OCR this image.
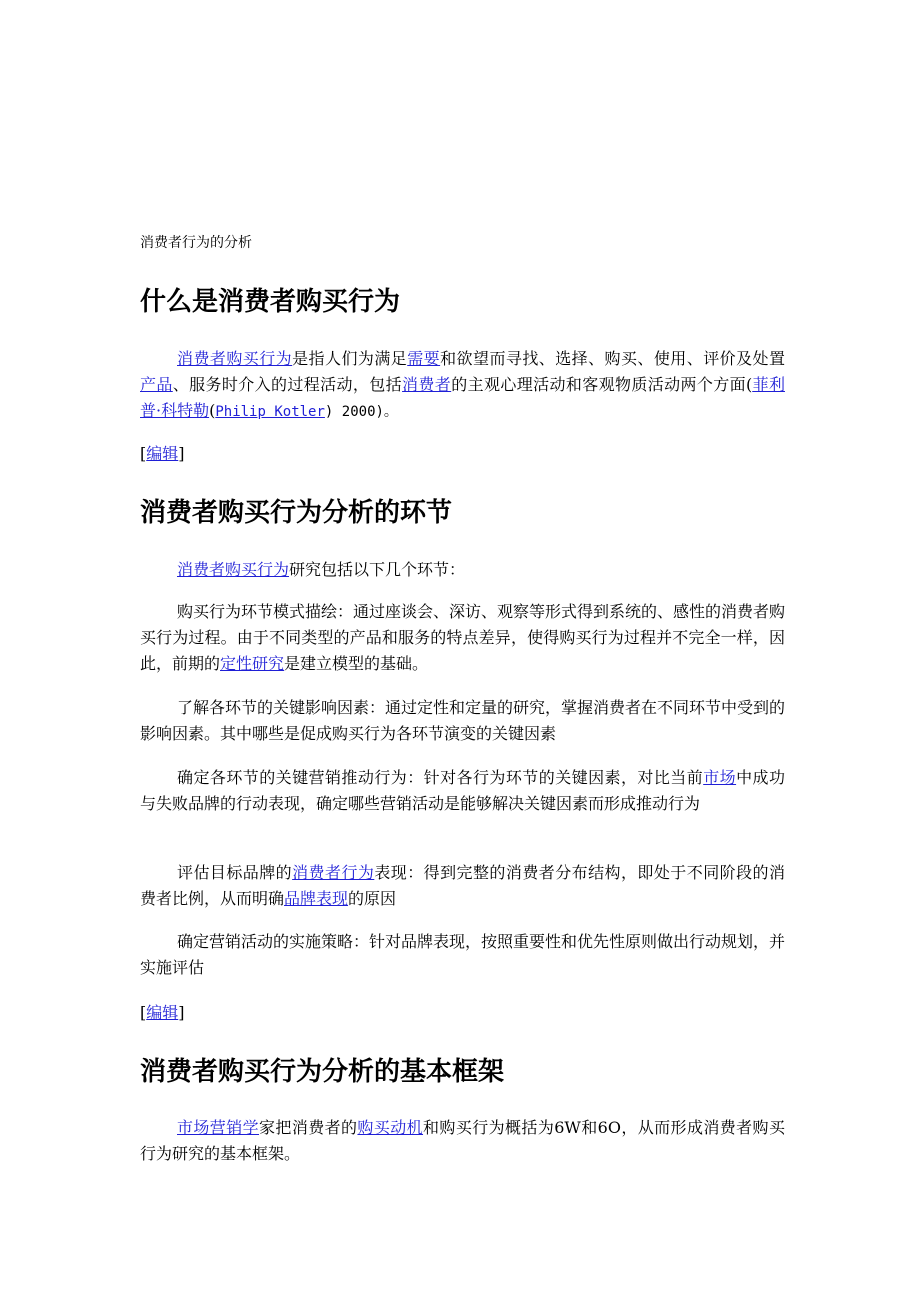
消费者行为的分析
什么是消费者购买行为

消费者购买行为是指人们为满足需要和欲望而寻找、选择、购买、使用、评价及处置产品、服务时介入的过程活动，包括消费者的主观心理活动和客观物质活动两个方面(菲利普·科特勒(Philip Kotler) 2000)。

[编辑]
消费者购买行为分析的环节

消费者购买行为研究包括以下几个环节：

购买行为环节模式描绘：通过座谈会、深访、观察等形式得到系统的、感性的消费者购买行为过程。由于不同类型的产品和服务的特点差异，使得购买行为过程并不完全一样，因此，前期的定性研究是建立模型的基础。

了解各环节的关键影响因素：通过定性和定量的研究，掌握消费者在不同环节中受到的影响因素。其中哪些是促成购买行为各环节演变的关键因素

确定各环节的关键营销推动行为：针对各行为环节的关键因素，对比当前市场中成功与失败品牌的行动表现，确定哪些营销活动是能够解决关键因素而形成推动行为

评估目标品牌的消费者行为表现：得到完整的消费者分布结构，即处于不同阶段的消费者比例，从而明确品牌表现的原因

确定营销活动的实施策略：针对品牌表现，按照重要性和优先性原则做出行动规划，并实施评估

[编辑]
消费者购买行为分析的基本框架

市场营销学家把消费者的购买动机和购买行为概括为6W和6O，从而形成消费者购买行为研究的基本框架。
